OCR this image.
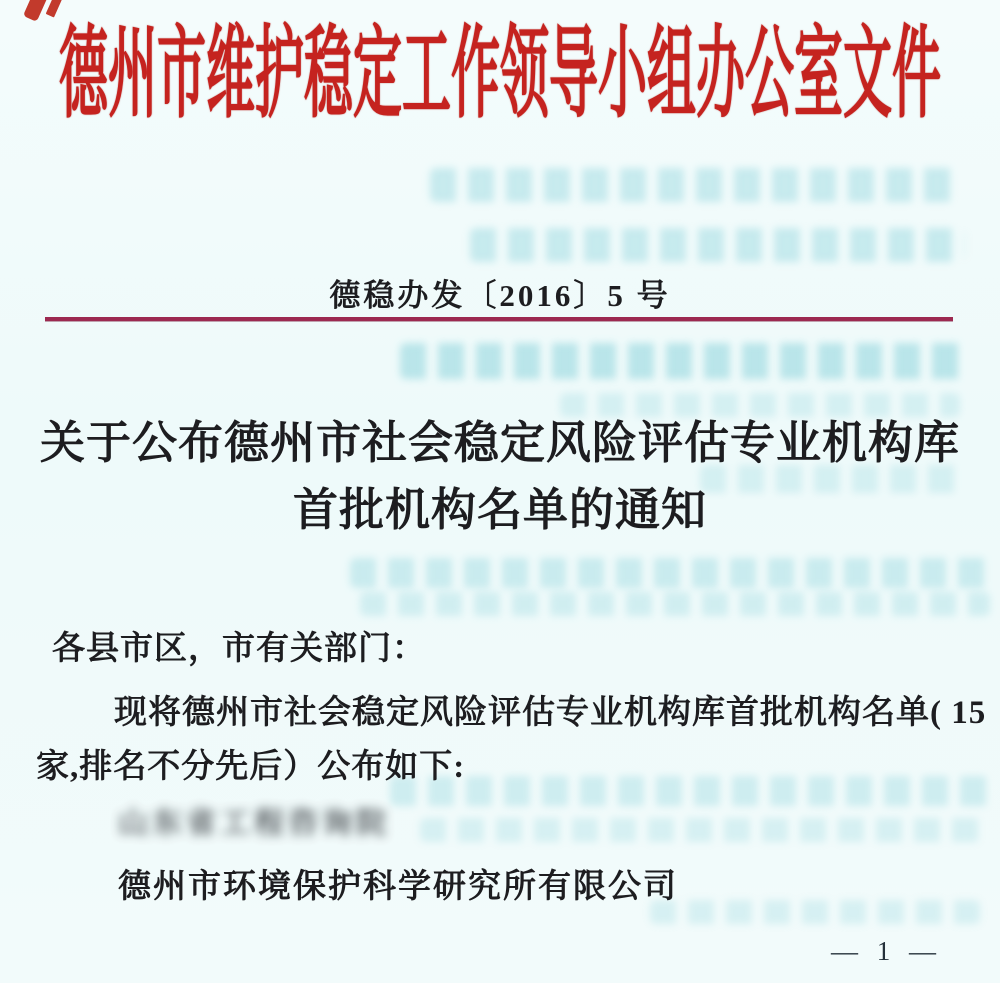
德州市维护稳定工作领导小组办公室文件
德稳办发〔2016〕5 号
关于公布德州市社会稳定风险评估专业机构库
首批机构名单的通知
各县市区，市有关部门：
现将德州市社会稳定风险评估专业机构库首批机构名单( 15
家,排名不分先后）公布如下:
山东省工程咨询院
德州市环境保护科学研究所有限公司
— 1 —
